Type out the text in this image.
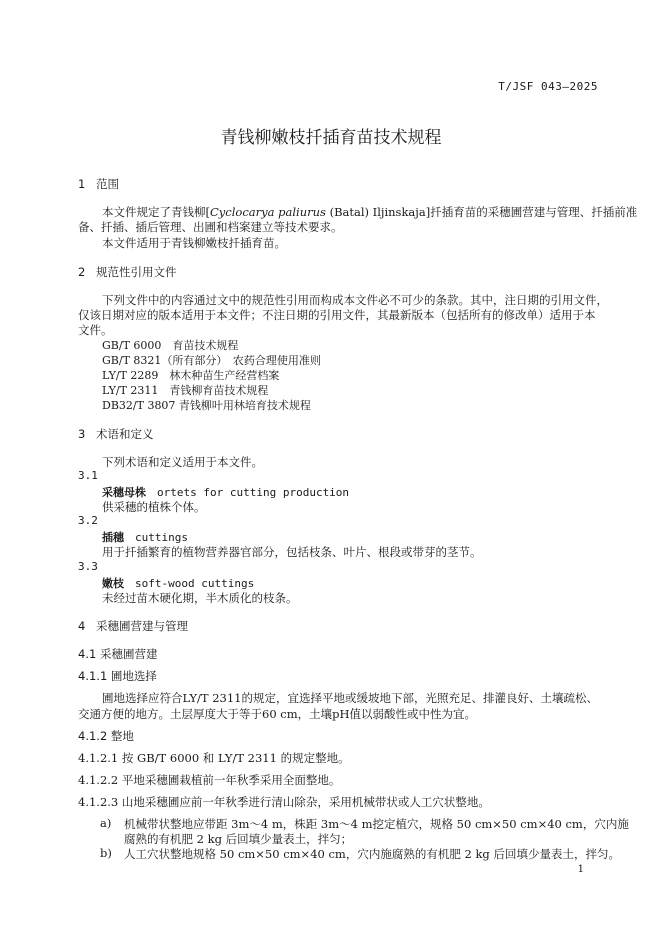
T/JSF 043—2025
青钱柳嫩枝扦插育苗技术规程
1 范围
本文件规定了青钱柳[Cyclocarya paliurus (Batal) Iljinskaja]扦插育苗的采穗圃营建与管理、扦插前准
备、扦插、插后管理、出圃和档案建立等技术要求。
本文件适用于青钱柳嫩枝扦插育苗。
2 规范性引用文件
下列文件中的内容通过文中的规范性引用而构成本文件必不可少的条款。其中，注日期的引用文件，
仅该日期对应的版本适用于本文件；不注日期的引用文件，其最新版本（包括所有的修改单）适用于本
文件。
GB/T 6000　育苗技术规程
GB/T 8321（所有部分）　农药合理使用准则
LY/T 2289　林木种苗生产经营档案
LY/T 2311　青钱柳育苗技术规程
DB32/T 3807 青钱柳叶用林培育技术规程
3 术语和定义
下列术语和定义适用于本文件。
3.1
采穗母株　 ortets for cutting production
供采穗的植株个体。
3.2
插穗　 cuttings
用于扦插繁育的植物营养器官部分，包括枝条、叶片、根段或带芽的茎节。
3.3
嫩枝　 soft-wood cuttings
未经过苗木硬化期，半木质化的枝条。
4 采穗圃营建与管理
4.1 采穗圃营建
4.1.1 圃地选择
圃地选择应符合LY/T 2311的规定，宜选择平地或缓坡地下部，光照充足、排灌良好、土壤疏松、
交通方便的地方。土层厚度大于等于60 cm，土壤pH值以弱酸性或中性为宜。
4.1.2 整地
4.1.2.1 按 GB/T 6000 和 LY/T 2311 的规定整地。
4.1.2.2 平地采穗圃栽植前一年秋季采用全面整地。
4.1.2.3 山地采穗圃应前一年秋季进行清山除杂，采用机械带状或人工穴状整地。
a) 机械带状整地应带距 3m～4 m，株距 3m～4 m挖定植穴，规格 50 cm×50 cm×40 cm，穴内施
腐熟的有机肥 2 kg 后回填少量表土，拌匀；
b) 人工穴状整地规格 50 cm×50 cm×40 cm，穴内施腐熟的有机肥 2 kg 后回填少量表土，拌匀。
1
